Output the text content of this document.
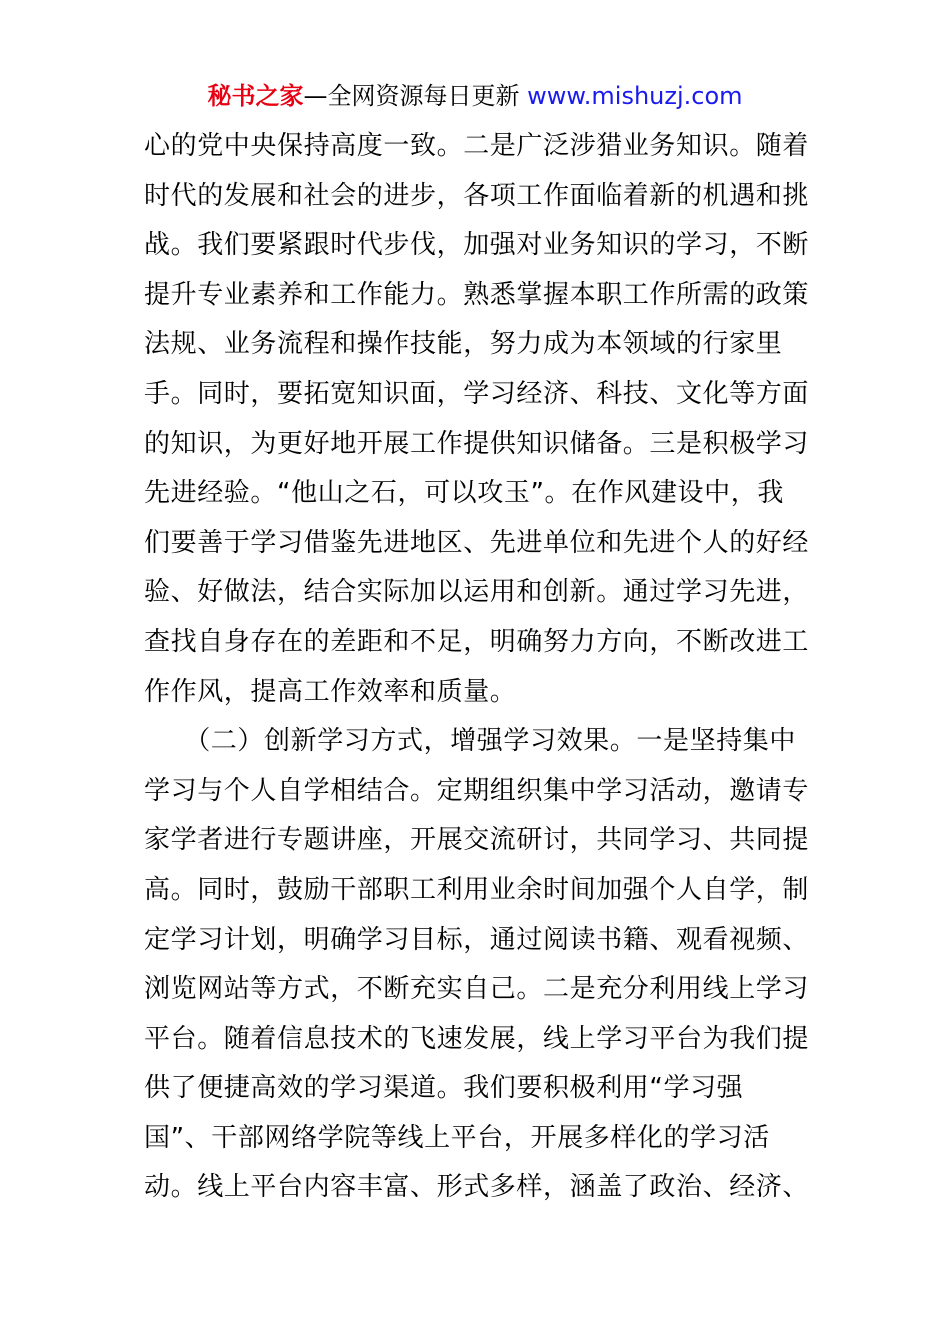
秘书之家—全网资源每日更新 www.mishuzj.com
心的党中央保持高度一致。二是广泛涉猎业务知识。随着
时代的发展和社会的进步，各项工作面临着新的机遇和挑
战。我们要紧跟时代步伐，加强对业务知识的学习，不断
提升专业素养和工作能力。熟悉掌握本职工作所需的政策
法规、业务流程和操作技能，努力成为本领域的行家里
手。同时，要拓宽知识面，学习经济、科技、文化等方面
的知识，为更好地开展工作提供知识储备。三是积极学习
先进经验。“他山之石，可以攻玉”。在作风建设中，我
们要善于学习借鉴先进地区、先进单位和先进个人的好经
验、好做法，结合实际加以运用和创新。通过学习先进，
查找自身存在的差距和不足，明确努力方向，不断改进工
作作风，提高工作效率和质量。
　　（二）创新学习方式，增强学习效果。一是坚持集中
学习与个人自学相结合。定期组织集中学习活动，邀请专
家学者进行专题讲座，开展交流研讨，共同学习、共同提
高。同时，鼓励干部职工利用业余时间加强个人自学，制
定学习计划，明确学习目标，通过阅读书籍、观看视频、
浏览网站等方式，不断充实自己。二是充分利用线上学习
平台。随着信息技术的飞速发展，线上学习平台为我们提
供了便捷高效的学习渠道。我们要积极利用“学习强
国”、干部网络学院等线上平台，开展多样化的学习活
动。线上平台内容丰富、形式多样，涵盖了政治、经济、
